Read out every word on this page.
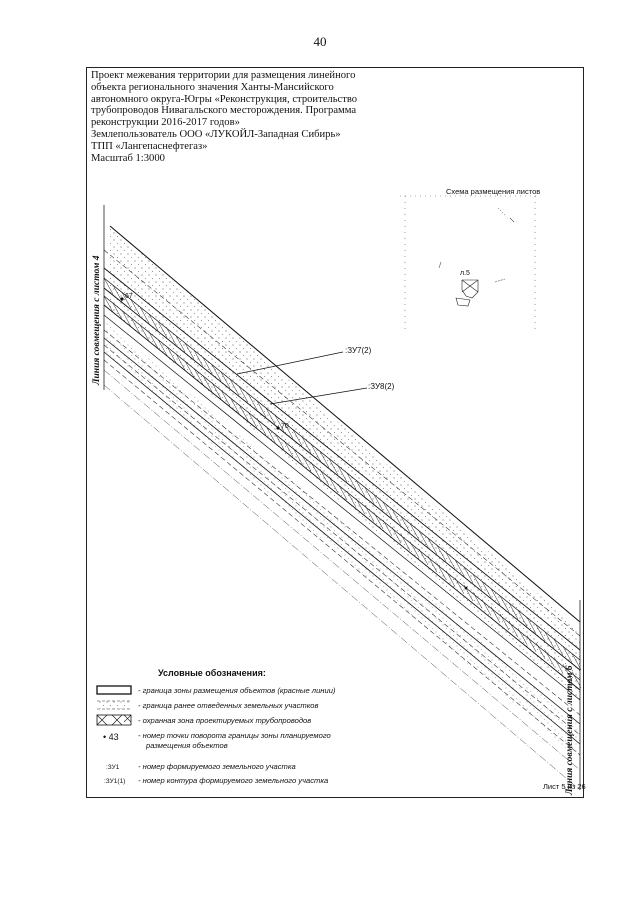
40
Проект межевания территории для размещения линейного
объекта регионального значения Ханты-Мансийского
автономного округа-Югры «Реконструкция, строительство
трубопроводов Нивагальского месторождения. Программа
реконструкции 2016-2017 годов»
Землепользователь ООО «ЛУКОЙЛ-Западная Сибирь»
ТПП «Лангепаснефтегаз»
Масштаб 1:3000
Схема размещения листов
л.5
Линия совмещения с листом 4
Линия совмещения с листом 6
:ЗУ7(2)
:ЗУ8(2)
67
70
Условные обозначения:
- граница зоны размещения объектов (красные линии)
- граница ранее отведенных земельных участков
- охранная зона проектируемых трубопроводов
• 43	- номер точки поворота границы зоны планируемого
размещения объектов
:ЗУ1 - номер формируемого земельного участка
:ЗУ1(1) - номер контура формируемого земельного участка
Лист 5 из 26
